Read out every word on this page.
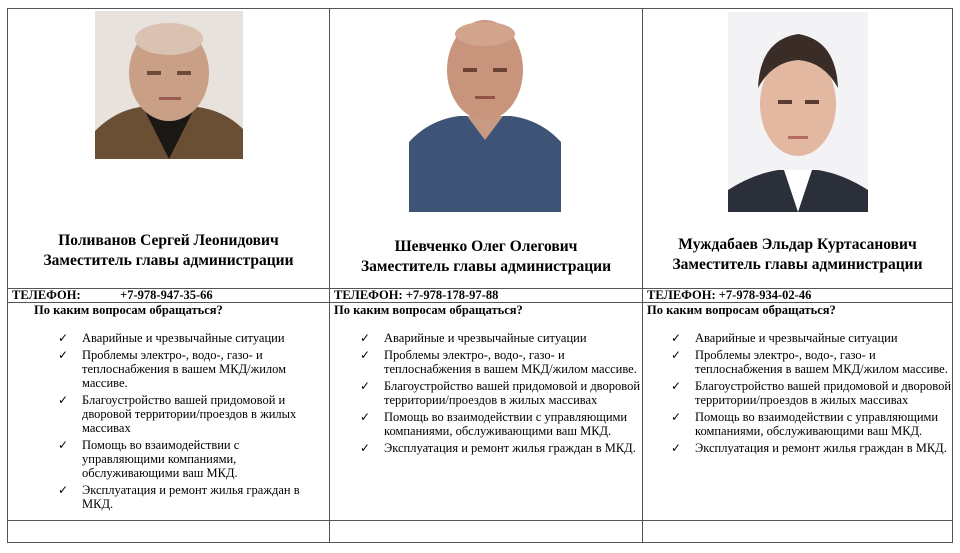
Поливанов Сергей Леонидович
Заместитель главы администрации
ТЕЛЕФОН:	+7-978-947-35-66
По каким вопросам обращаться?
✓ Аварийные и чрезвычайные ситуации
✓ Проблемы электро-, водо-, газо- и теплоснабжения в вашем МКД/жилом массиве.
✓ Благоустройство вашей придомовой и дворовой территории/проездов в жилых массивах
✓ Помощь во взаимодействии с управляющими компаниями, обслуживающими ваш МКД.
✓ Эксплуатация и ремонт жилья граждан в МКД.
Шевченко Олег Олегович
Заместитель главы администрации
ТЕЛЕФОН: +7-978-178-97-88
По каким вопросам обращаться?
✓ Аварийные и чрезвычайные ситуации
✓ Проблемы электро-, водо-, газо- и теплоснабжения в вашем МКД/жилом массиве.
✓ Благоустройство вашей придомовой и дворовой территории/проездов в жилых массивах
✓ Помощь во взаимодействии с управляющими компаниями, обслуживающими ваш МКД.
✓ Эксплуатация и ремонт жилья граждан в МКД.
Муждабаев Эльдар Куртасанович
Заместитель главы администрации
ТЕЛЕФОН: +7-978-934-02-46
По каким вопросам обращаться?
✓ Аварийные и чрезвычайные ситуации
✓ Проблемы электро-, водо-, газо- и теплоснабжения в вашем МКД/жилом массиве.
✓ Благоустройство вашей придомовой и дворовой территории/проездов в жилых массивах
✓ Помощь во взаимодействии с управляющими компаниями, обслуживающими ваш МКД.
✓ Эксплуатация и ремонт жилья граждан в МКД.
